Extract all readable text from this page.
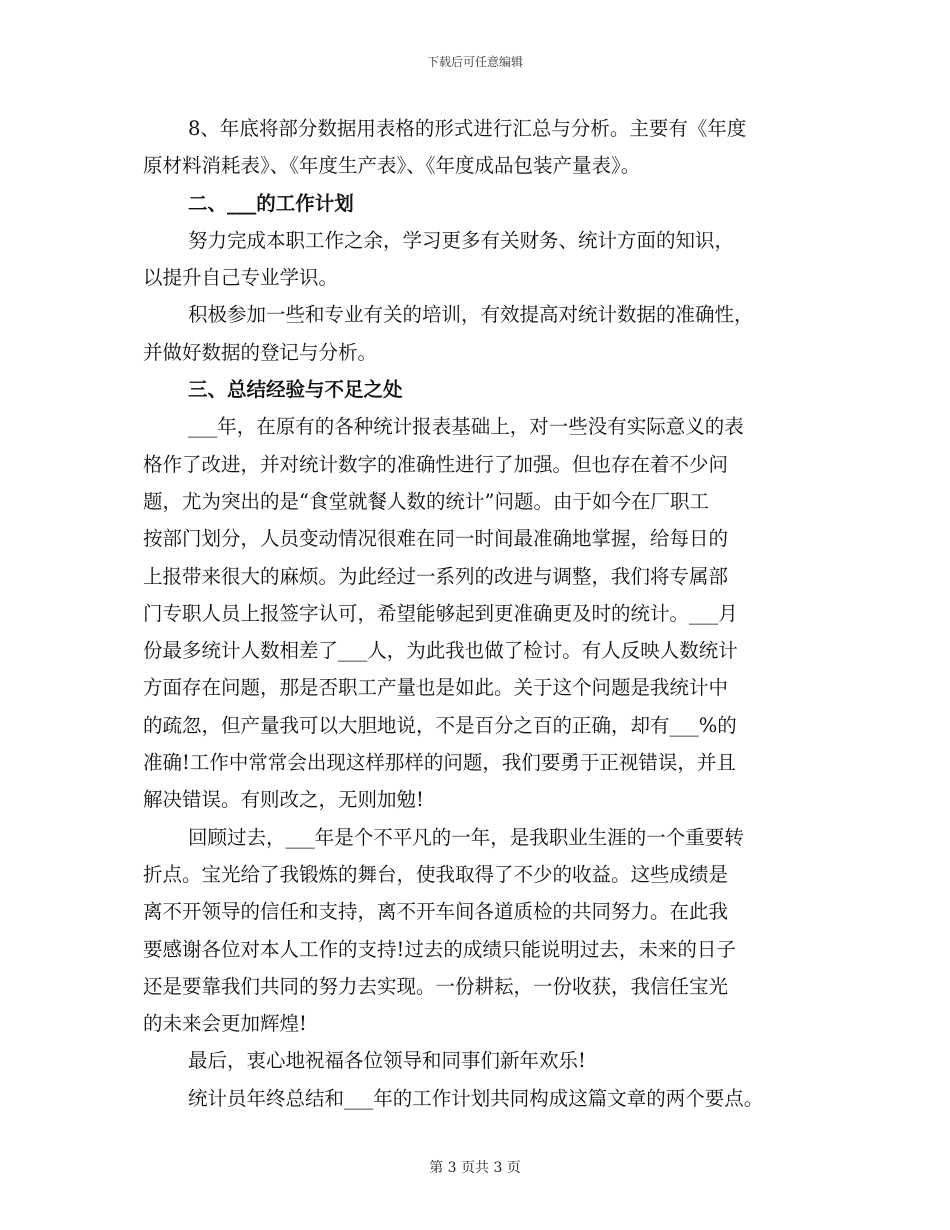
下载后可任意编辑
8、年底将部分数据用表格的形式进行汇总与分析。主要有《年度
原材料消耗表》、《年度生产表》、《年度成品包装产量表》。
二、___的工作计划
努力完成本职工作之余，学习更多有关财务、统计方面的知识，
以提升自己专业学识。
积极参加一些和专业有关的培训，有效提高对统计数据的准确性，
并做好数据的登记与分析。
三、总结经验与不足之处
___年，在原有的各种统计报表基础上，对一些没有实际意义的表
格作了改进，并对统计数字的准确性进行了加强。但也存在着不少问
题，尤为突出的是“食堂就餐人数的统计”问题。由于如今在厂职工
按部门划分，人员变动情况很难在同一时间最准确地掌握，给每日的
上报带来很大的麻烦。为此经过一系列的改进与调整，我们将专属部
门专职人员上报签字认可，希望能够起到更准确更及时的统计。___月
份最多统计人数相差了___人，为此我也做了检讨。有人反映人数统计
方面存在问题，那是否职工产量也是如此。关于这个问题是我统计中
的疏忽，但产量我可以大胆地说，不是百分之百的正确，却有___%的
准确!工作中常常会出现这样那样的问题，我们要勇于正视错误，并且
解决错误。有则改之，无则加勉!
回顾过去，___年是个不平凡的一年，是我职业生涯的一个重要转
折点。宝光给了我锻炼的舞台，使我取得了不少的收益。这些成绩是
离不开领导的信任和支持，离不开车间各道质检的共同努力。在此我
要感谢各位对本人工作的支持!过去的成绩只能说明过去，未来的日子
还是要靠我们共同的努力去实现。一份耕耘，一份收获，我信任宝光
的未来会更加辉煌!
最后，衷心地祝福各位领导和同事们新年欢乐!
统计员年终总结和___年的工作计划共同构成这篇文章的两个要点。
第 3 页共 3 页
